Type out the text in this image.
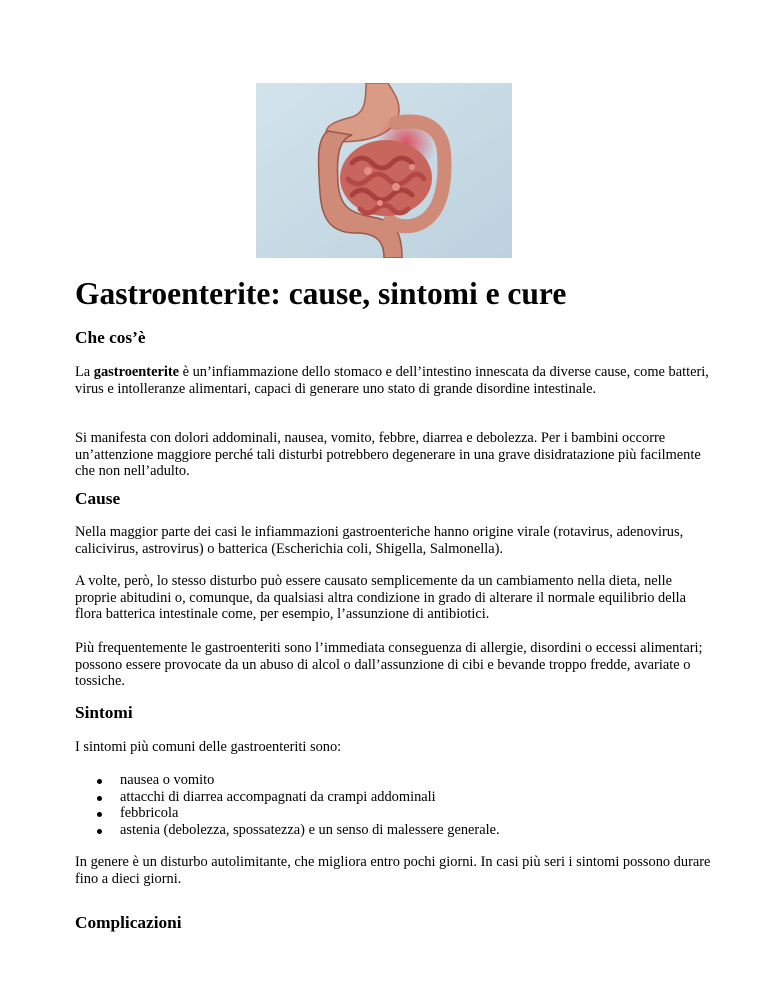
Gastroenterite: cause, sintomi e cure
Che cos’è

La gastroenterite è un’infiammazione dello stomaco e dell’intestino innescata da diverse cause, come batteri, virus e intolleranze alimentari, capaci di generare uno stato di grande disordine intestinale.

Si manifesta con dolori addominali, nausea, vomito, febbre, diarrea e debolezza. Per i bambini occorre un’attenzione maggiore perché tali disturbi potrebbero degenerare in una grave disidratazione più facilmente che non nell’adulto.

Cause

Nella maggior parte dei casi le infiammazioni gastroenteriche hanno origine virale (rotavirus, adenovirus, calicivirus, astrovirus) o batterica (Escherichia coli, Shigella, Salmonella).

A volte, però, lo stesso disturbo può essere causato semplicemente da un cambiamento nella dieta, nelle proprie abitudini o, comunque, da qualsiasi altra condizione in grado di alterare il normale equilibrio della flora batterica intestinale come, per esempio, l’assunzione di antibiotici.

Più frequentemente le gastroenteriti sono l’immediata conseguenza di allergie, disordini o eccessi alimentari; possono essere provocate da un abuso di alcol o dall’assunzione di cibi e bevande troppo fredde, avariate o tossiche.

Sintomi

I sintomi più comuni delle gastroenteriti sono:

nausea o vomito
attacchi di diarrea accompagnati da crampi addominali
febbricola
astenia (debolezza, spossatezza) e un senso di malessere generale.

In genere è un disturbo autolimitante, che migliora entro pochi giorni. In casi più seri i sintomi possono durare fino a dieci giorni.

Complicazioni
